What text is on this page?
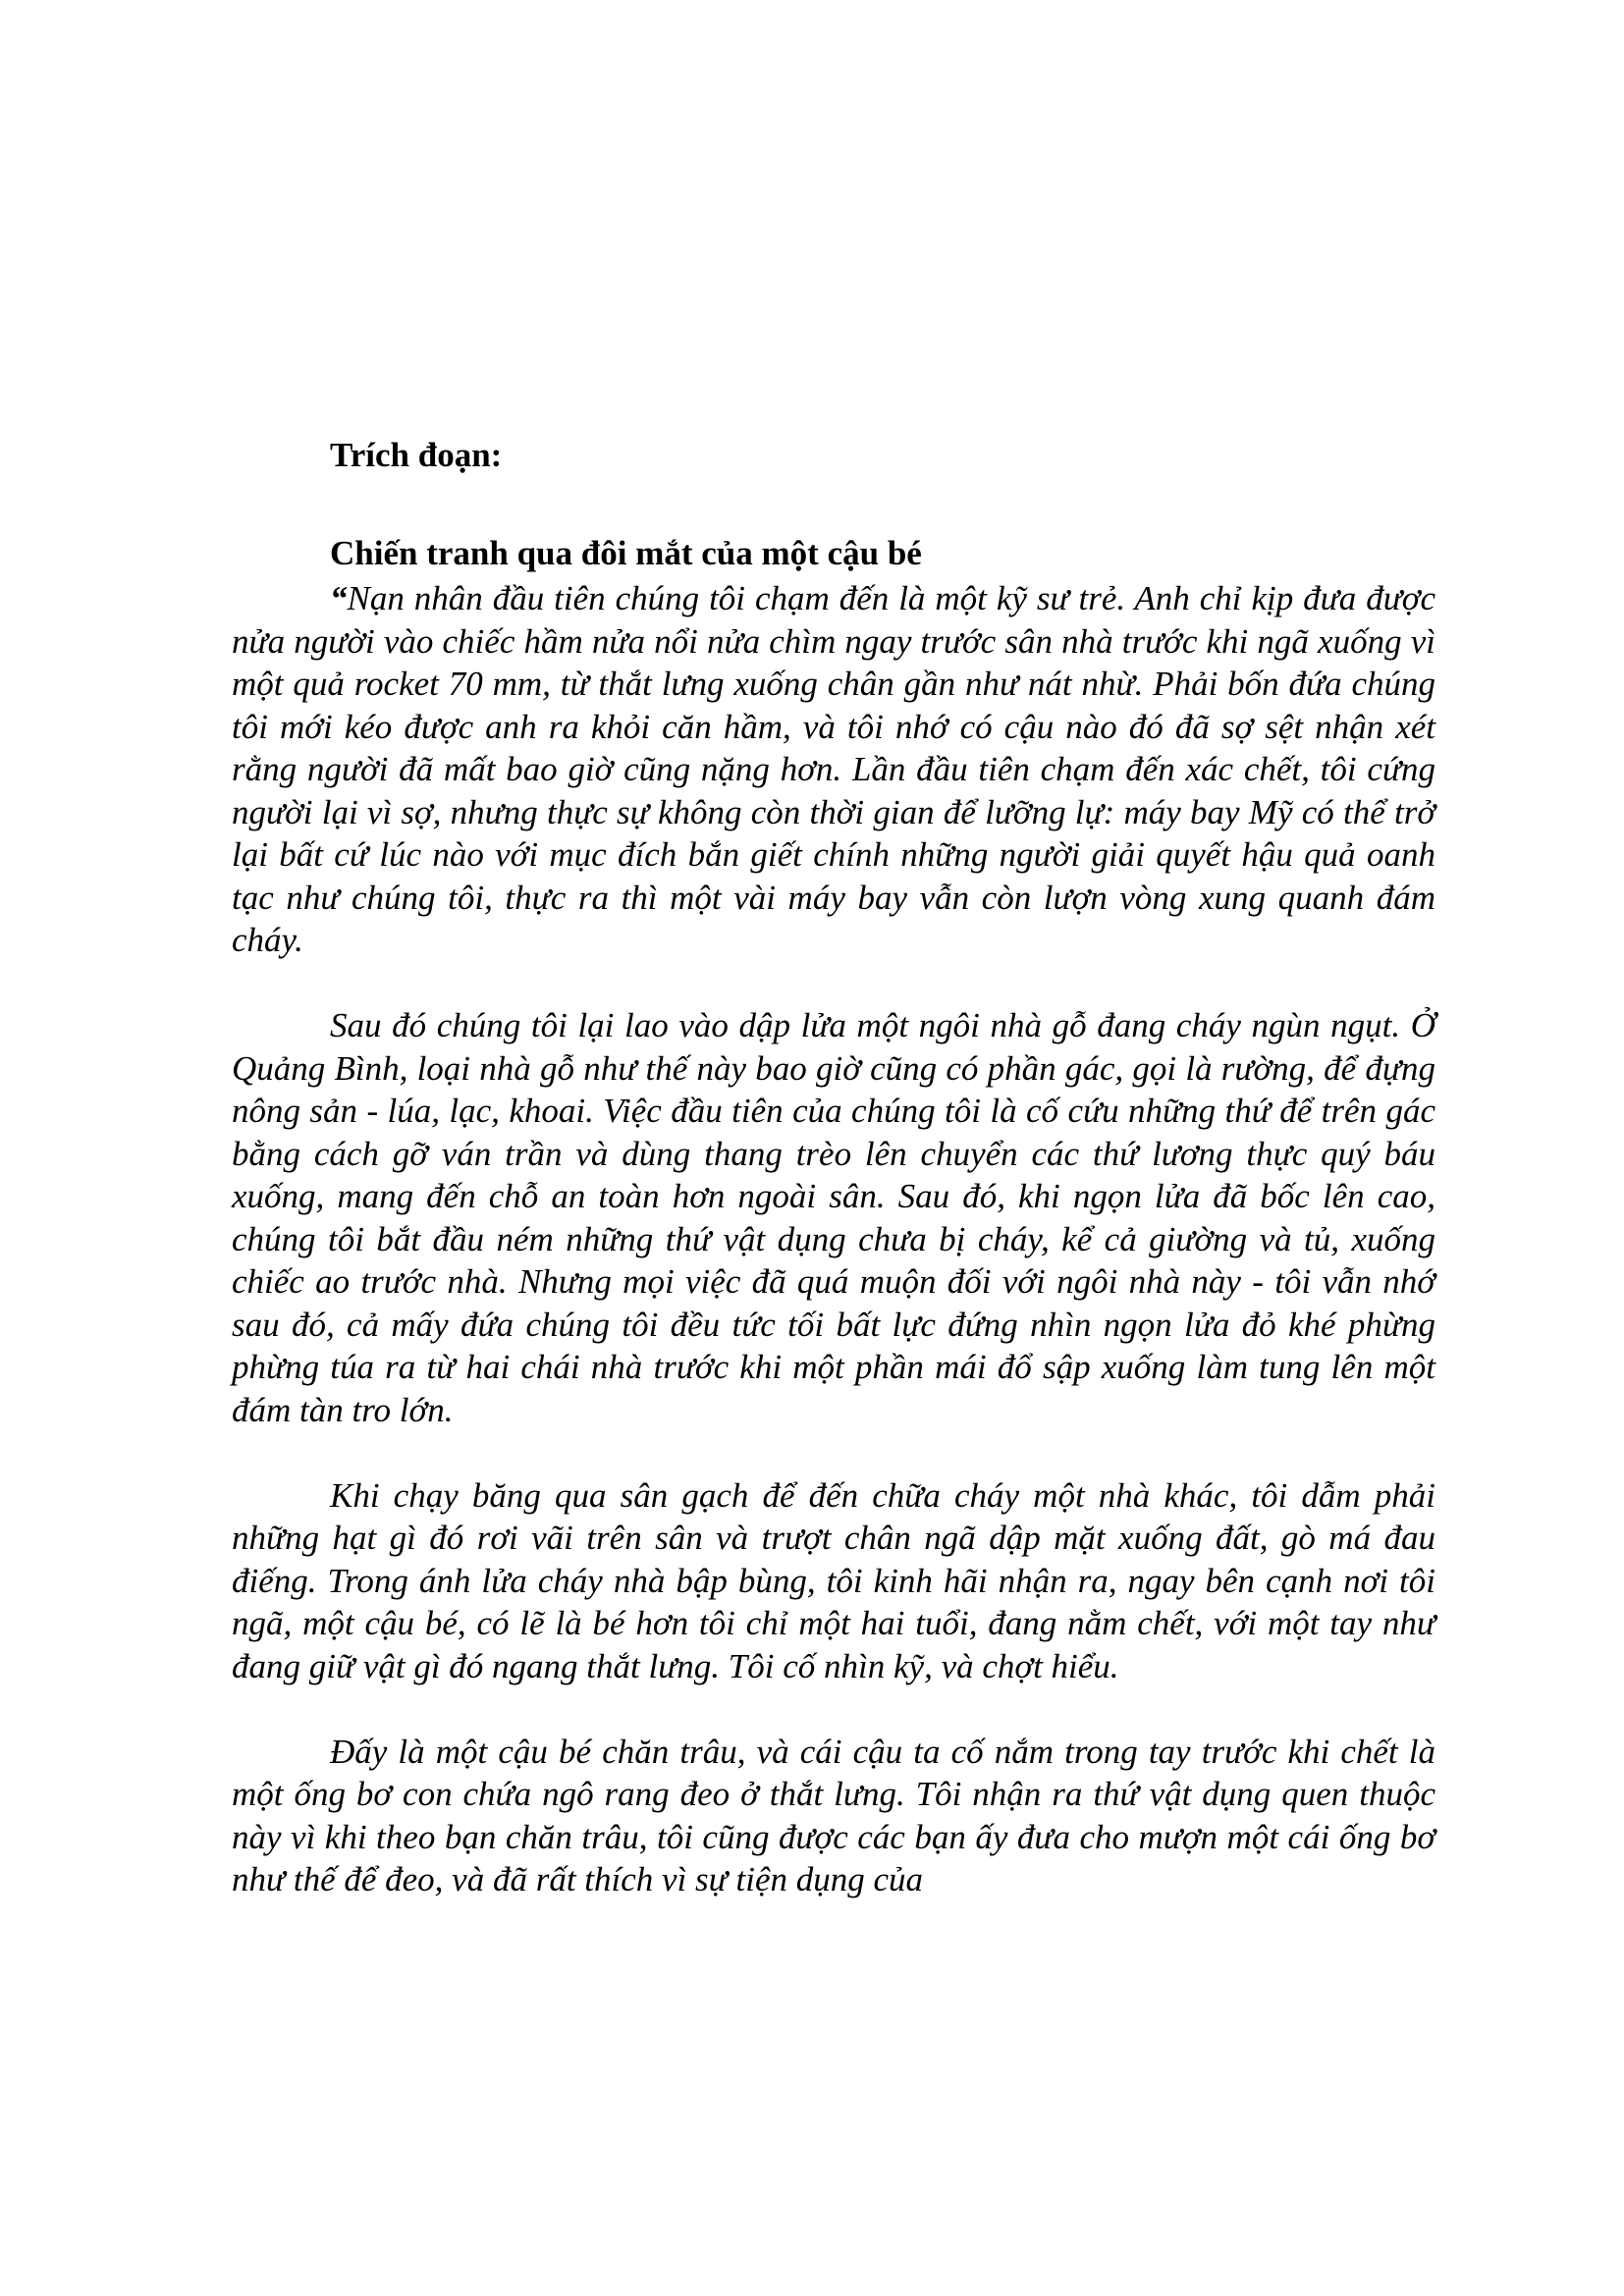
Trích đoạn:

Chiến tranh qua đôi mắt của một cậu bé

“Nạn nhân đầu tiên chúng tôi chạm đến là một kỹ sư trẻ. Anh chỉ kịp đưa được nửa người vào chiếc hầm nửa nổi nửa chìm ngay trước sân nhà trước khi ngã xuống vì một quả rocket 70 mm, từ thắt lưng xuống chân gần như nát nhừ. Phải bốn đứa chúng tôi mới kéo được anh ra khỏi căn hầm, và tôi nhớ có cậu nào đó đã sợ sệt nhận xét rằng người đã mất bao giờ cũng nặng hơn. Lần đầu tiên chạm đến xác chết, tôi cứng người lại vì sợ, nhưng thực sự không còn thời gian để lưỡng lự: máy bay Mỹ có thể trở lại bất cứ lúc nào với mục đích bắn giết chính những người giải quyết hậu quả oanh tạc như chúng tôi, thực ra thì một vài máy bay vẫn còn lượn vòng xung quanh đám cháy.

Sau đó chúng tôi lại lao vào dập lửa một ngôi nhà gỗ đang cháy ngùn ngụt. Ở Quảng Bình, loại nhà gỗ như thế này bao giờ cũng có phần gác, gọi là rường, để đựng nông sản - lúa, lạc, khoai. Việc đầu tiên của chúng tôi là cố cứu những thứ để trên gác bằng cách gỡ ván trần và dùng thang trèo lên chuyển các thứ lương thực quý báu xuống, mang đến chỗ an toàn hơn ngoài sân. Sau đó, khi ngọn lửa đã bốc lên cao, chúng tôi bắt đầu ném những thứ vật dụng chưa bị cháy, kể cả giường và tủ, xuống chiếc ao trước nhà. Nhưng mọi việc đã quá muộn đối với ngôi nhà này - tôi vẫn nhớ sau đó, cả mấy đứa chúng tôi đều tức tối bất lực đứng nhìn ngọn lửa đỏ khé phừng phừng túa ra từ hai chái nhà trước khi một phần mái đổ sập xuống làm tung lên một đám tàn tro lớn.

Khi chạy băng qua sân gạch để đến chữa cháy một nhà khác, tôi dẫm phải những hạt gì đó rơi vãi trên sân và trượt chân ngã dập mặt xuống đất, gò má đau điếng. Trong ánh lửa cháy nhà bập bùng, tôi kinh hãi nhận ra, ngay bên cạnh nơi tôi ngã, một cậu bé, có lẽ là bé hơn tôi chỉ một hai tuổi, đang nằm chết, với một tay như đang giữ vật gì đó ngang thắt lưng. Tôi cố nhìn kỹ, và chợt hiểu.

Đấy là một cậu bé chăn trâu, và cái cậu ta cố nắm trong tay trước khi chết là một ống bơ con chứa ngô rang đeo ở thắt lưng. Tôi nhận ra thứ vật dụng quen thuộc này vì khi theo bạn chăn trâu, tôi cũng được các bạn ấy đưa cho mượn một cái ống bơ như thế để đeo, và đã rất thích vì sự tiện dụng của
